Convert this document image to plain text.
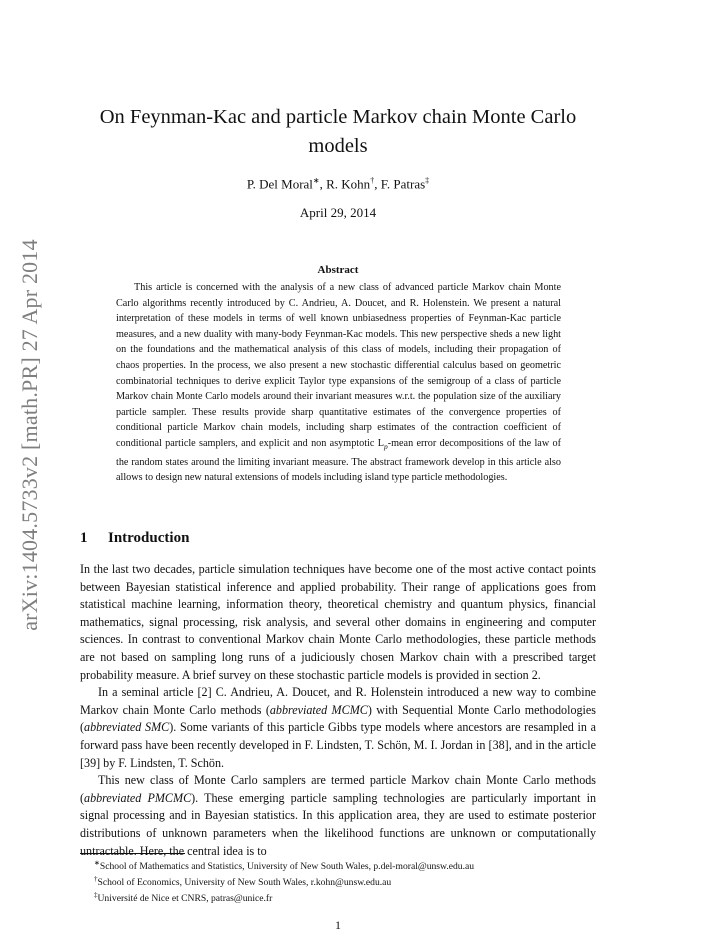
arXiv:1404.5733v2 [math.PR] 27 Apr 2014
On Feynman-Kac and particle Markov chain Monte Carlo
models
P. Del Moral∗, R. Kohn†, F. Patras‡
April 29, 2014
Abstract

This article is concerned with the analysis of a new class of advanced particle Markov chain Monte Carlo algorithms recently introduced by C. Andrieu, A. Doucet, and R. Holenstein. We present a natural interpretation of these models in terms of well known unbiasedness properties of Feynman-Kac particle measures, and a new duality with many-body Feynman-Kac models. This new perspective sheds a new light on the foundations and the mathematical analysis of this class of models, including their propagation of chaos properties. In the process, we also present a new stochastic differential calculus based on geometric combinatorial techniques to derive explicit Taylor type expansions of the semigroup of a class of particle Markov chain Monte Carlo models around their invariant measures w.r.t. the population size of the auxiliary particle sampler. These results provide sharp quantitative estimates of the convergence properties of conditional particle Markov chain models, including sharp estimates of the contraction coefficient of conditional particle samplers, and explicit and non asymptotic $L_p$-mean error decompositions of the law of the random states around the limiting invariant measure. The abstract framework develop in this article also allows to design new natural extensions of models including island type particle methodologies.

1 Introduction

In the last two decades, particle simulation techniques have become one of the most active contact points between Bayesian statistical inference and applied probability. Their range of applications goes from statistical machine learning, information theory, theoretical chemistry and quantum physics, financial mathematics, signal processing, risk analysis, and several other domains in engineering and computer sciences. In contrast to conventional Markov chain Monte Carlo methodologies, these particle methods are not based on sampling long runs of a judiciously chosen Markov chain with a prescribed target probability measure. A brief survey on these stochastic particle models is provided in section 2.

In a seminal article [2] C. Andrieu, A. Doucet, and R. Holenstein introduced a new way to combine Markov chain Monte Carlo methods (abbreviated MCMC) with Sequential Monte Carlo methodologies (abbreviated SMC). Some variants of this particle Gibbs type models where ancestors are resampled in a forward pass have been recently developed in F. Lindsten, T. Schön, M. I. Jordan in [38], and in the article [39] by F. Lindsten, T. Schön.

This new class of Monte Carlo samplers are termed particle Markov chain Monte Carlo methods (abbreviated PMCMC). These emerging particle sampling technologies are particularly important in signal processing and in Bayesian statistics. In this application area, they are used to estimate posterior distributions of unknown parameters when the likelihood functions are unknown or computationally untractable. Here, the central idea is to

∗School of Mathematics and Statistics, University of New South Wales, p.del-moral@unsw.edu.au
†School of Economics, University of New South Wales, r.kohn@unsw.edu.au
‡Université de Nice et CNRS, patras@unice.fr
1
